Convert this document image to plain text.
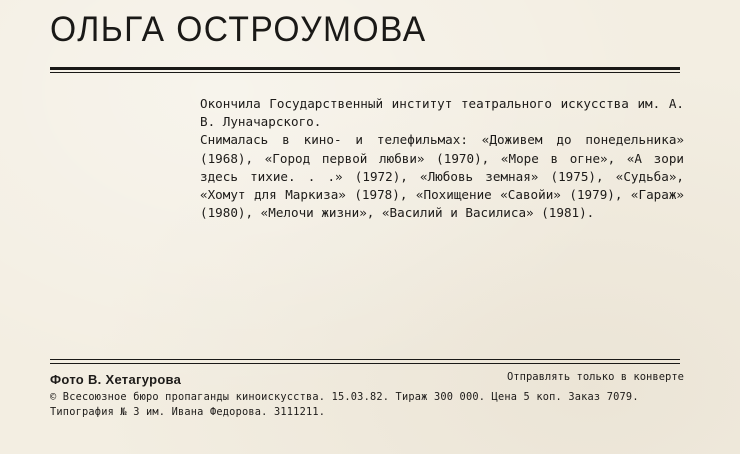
ОЛЬГА ОСТРОУМОВА

Окончила Государственный институт театрального искусства им. А. В. Луначарского.

Снималась в кино- и телефильмах: «Доживем до понедельника» (1968), «Город первой любви» (1970), «Море в огне», «А зори здесь тихие. . .» (1972), «Любовь земная» (1975), «Судьба», «Хомут для Маркиза» (1978), «Похищение «Савойи» (1979), «Гараж» (1980), «Мелочи жизни», «Василий и Василиса» (1981).

Фото В. Хетагурова	Отправлять только в конверте
© Всесоюзное бюро пропаганды киноискусства. 15.03.82. Тираж 300 000. Цена 5 коп. Заказ 7079.
Типография № 3 им. Ивана Федорова. 3111211.
